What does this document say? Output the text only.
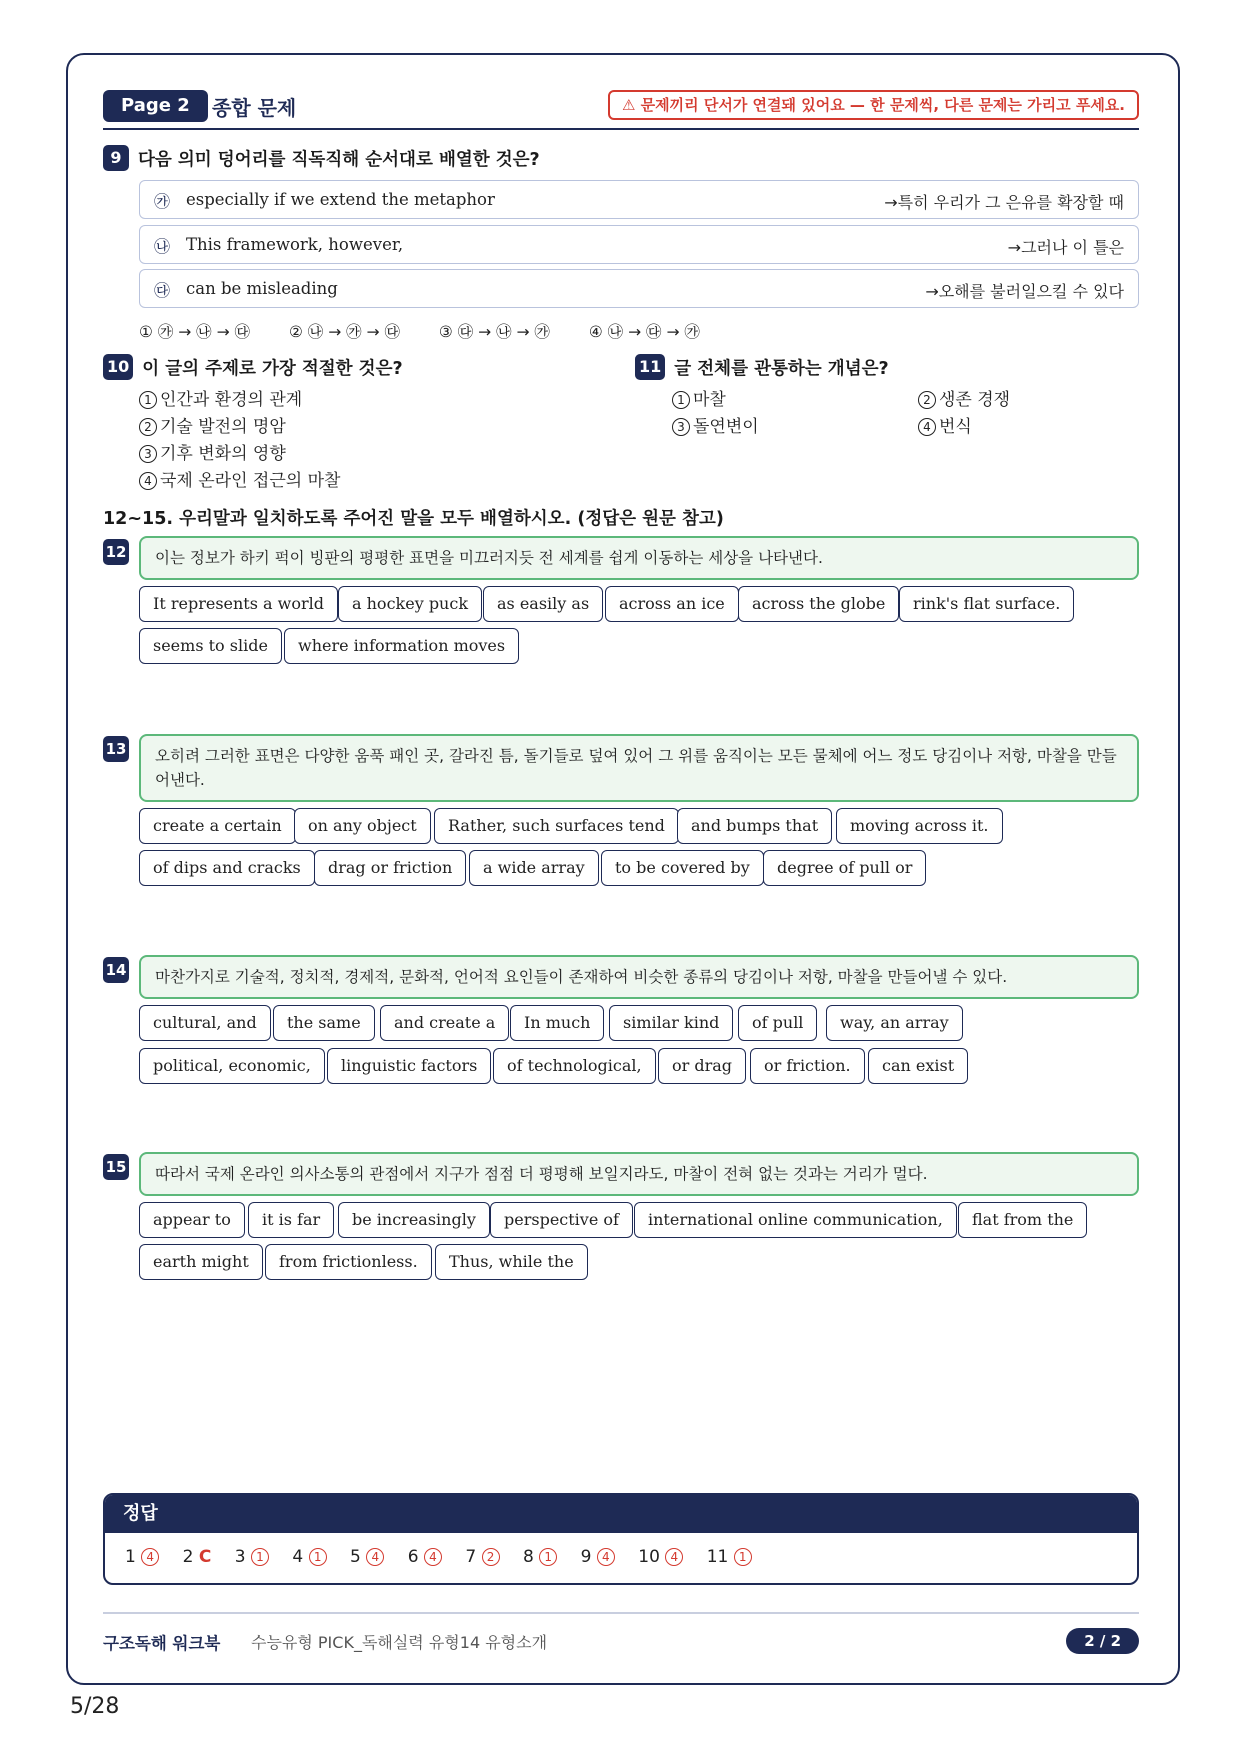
Page 2	종합 문제	⚠ 문제끼리 단서가 연결돼 있어요 — 한 문제씩, 다른 문제는 가리고 푸세요.
9 다음 의미 덩어리를 직독직해 순서대로 배열한 것은?
㉮ especially if we extend the metaphor	→특히 우리가 그 은유를 확장할 때
㉯ This framework, however,	→그러나 이 틀은
㉰ can be misleading	→오해를 불러일으킬 수 있다
① ㉮ → ㉯ → ㉰	② ㉯ → ㉮ → ㉰	③ ㉰ → ㉯ → ㉮	④ ㉯ → ㉰ → ㉮
10 이 글의 주제로 가장 적절한 것은?
1 인간과 환경의 관계
2 기술 발전의 명암
3 기후 변화의 영향
4 국제 온라인 접근의 마찰
11 글 전체를 관통하는 개념은?
1 마찰
3 돌연변이
2 생존 경쟁
4 번식
12~15. 우리말과 일치하도록 주어진 말을 모두 배열하시오. (정답은 원문 참고)
12	이는 정보가 하키 퍽이 빙판의 평평한 표면을 미끄러지듯 전 세계를 쉽게 이동하는 세상을 나타낸다.
It represents a world	a hockey puck	as easily as	across an ice	across the globe	rink's flat surface.
seems to slide	where information moves
13	오히려 그러한 표면은 다양한 움푹 패인 곳, 갈라진 틈, 돌기들로 덮여 있어 그 위를 움직이는 모든 물체에 어느 정도 당김이나 저항, 마찰을 만들어낸다.
create a certain	on any object	Rather, such surfaces tend	and bumps that	moving across it.
of dips and cracks	drag or friction	a wide array	to be covered by	degree of pull or
14	마찬가지로 기술적, 정치적, 경제적, 문화적, 언어적 요인들이 존재하여 비슷한 종류의 당김이나 저항, 마찰을 만들어낼 수 있다.
cultural, and	the same	and create a	In much	similar kind	of pull	way, an array
political, economic,	linguistic factors	of technological,	or drag	or friction.	can exist
15	따라서 국제 온라인 의사소통의 관점에서 지구가 점점 더 평평해 보일지라도, 마찰이 전혀 없는 것과는 거리가 멀다.
appear to	it is far	be increasingly	perspective of	international online communication,	flat from the
earth might	from frictionless.	Thus, while the
정답
1 4 2 C 3 1 4 1 5 4 6 4 7 2 8 1 9 4 10 4 11 1
구조독해 워크북 수능유형 PICK_독해실력 유형14 유형소개	2 / 2
5/28
